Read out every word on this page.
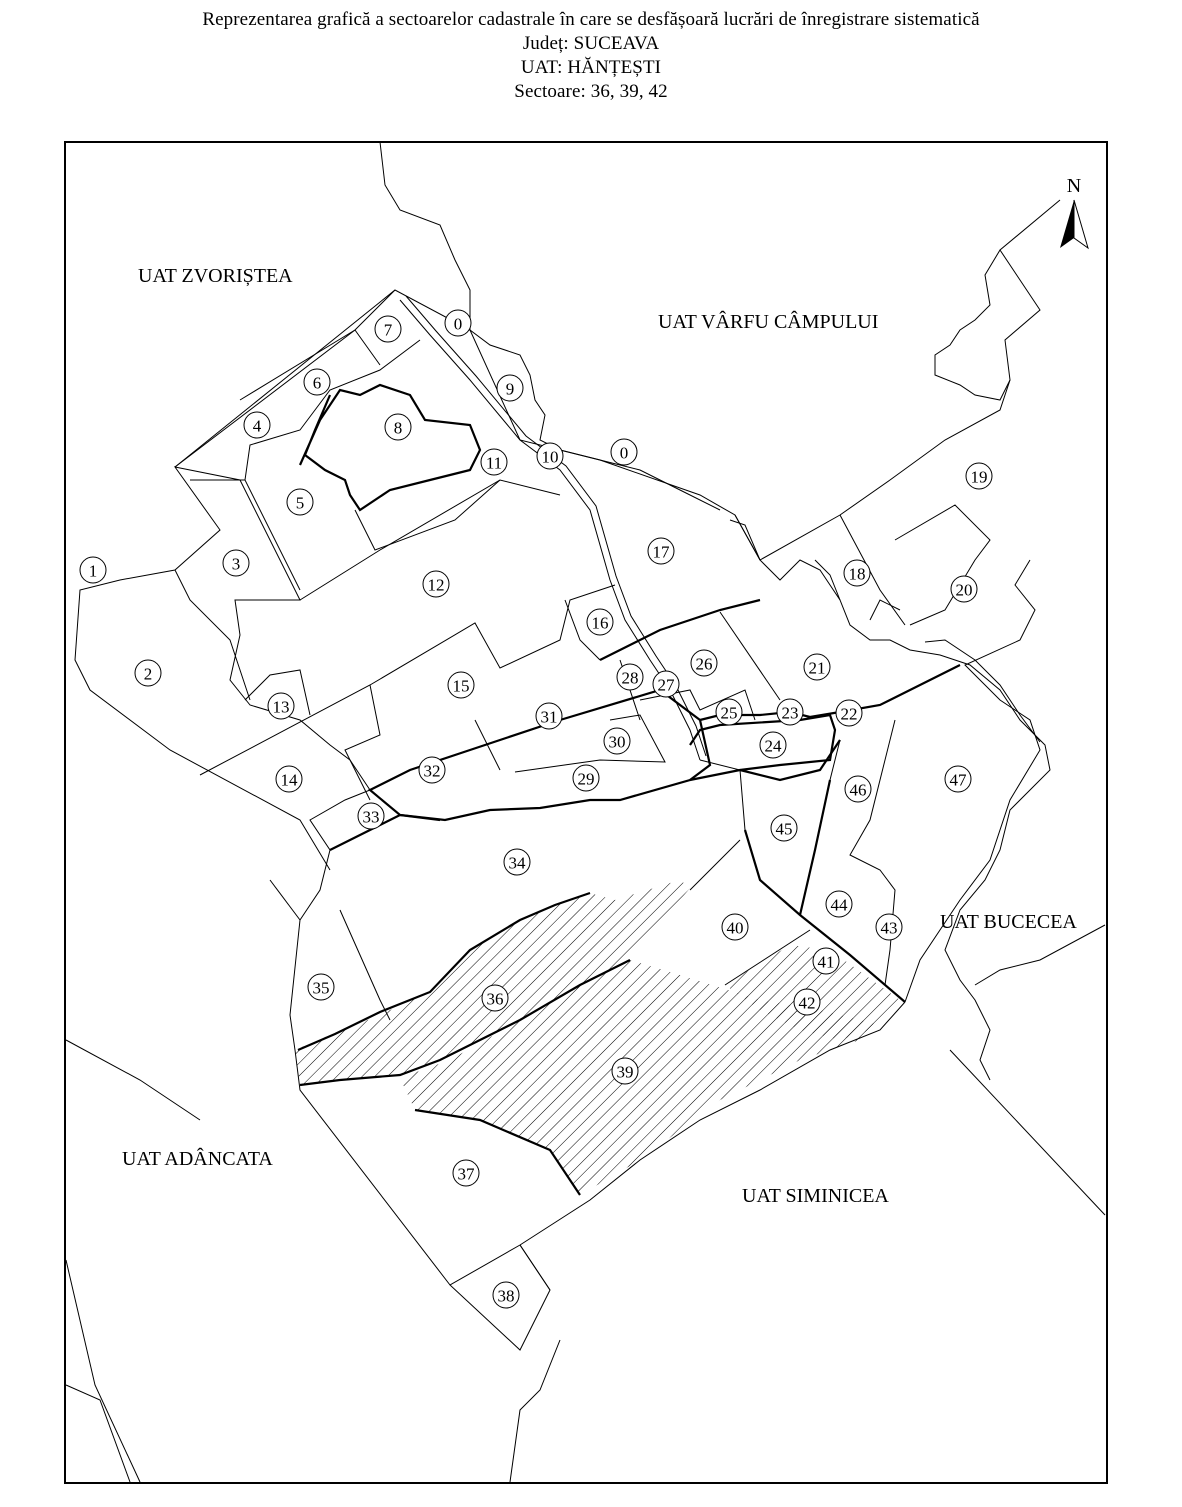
Reprezentarea grafică a sectoarelor cadastrale în care se desfășoară lucrări de înregistrare sistematică
Județ: SUCEAVA
UAT: HĂNȚEȘTI
Sectoare: 36, 39, 42
N
UAT ZVORIȘTEA
UAT VÂRFU CÂMPULUI
UAT BUCECEA
UAT ADÂNCATA
UAT SIMINICEA
0
0
1
2
3
4
5
6
7
8
9
10
11
12
13
14
15
16
17
18
19
20
21
22
23
24
25
26
27
28
29
30
31
32
33
34
35
36
37
38
39
40
41
42
43
44
45
46
47
